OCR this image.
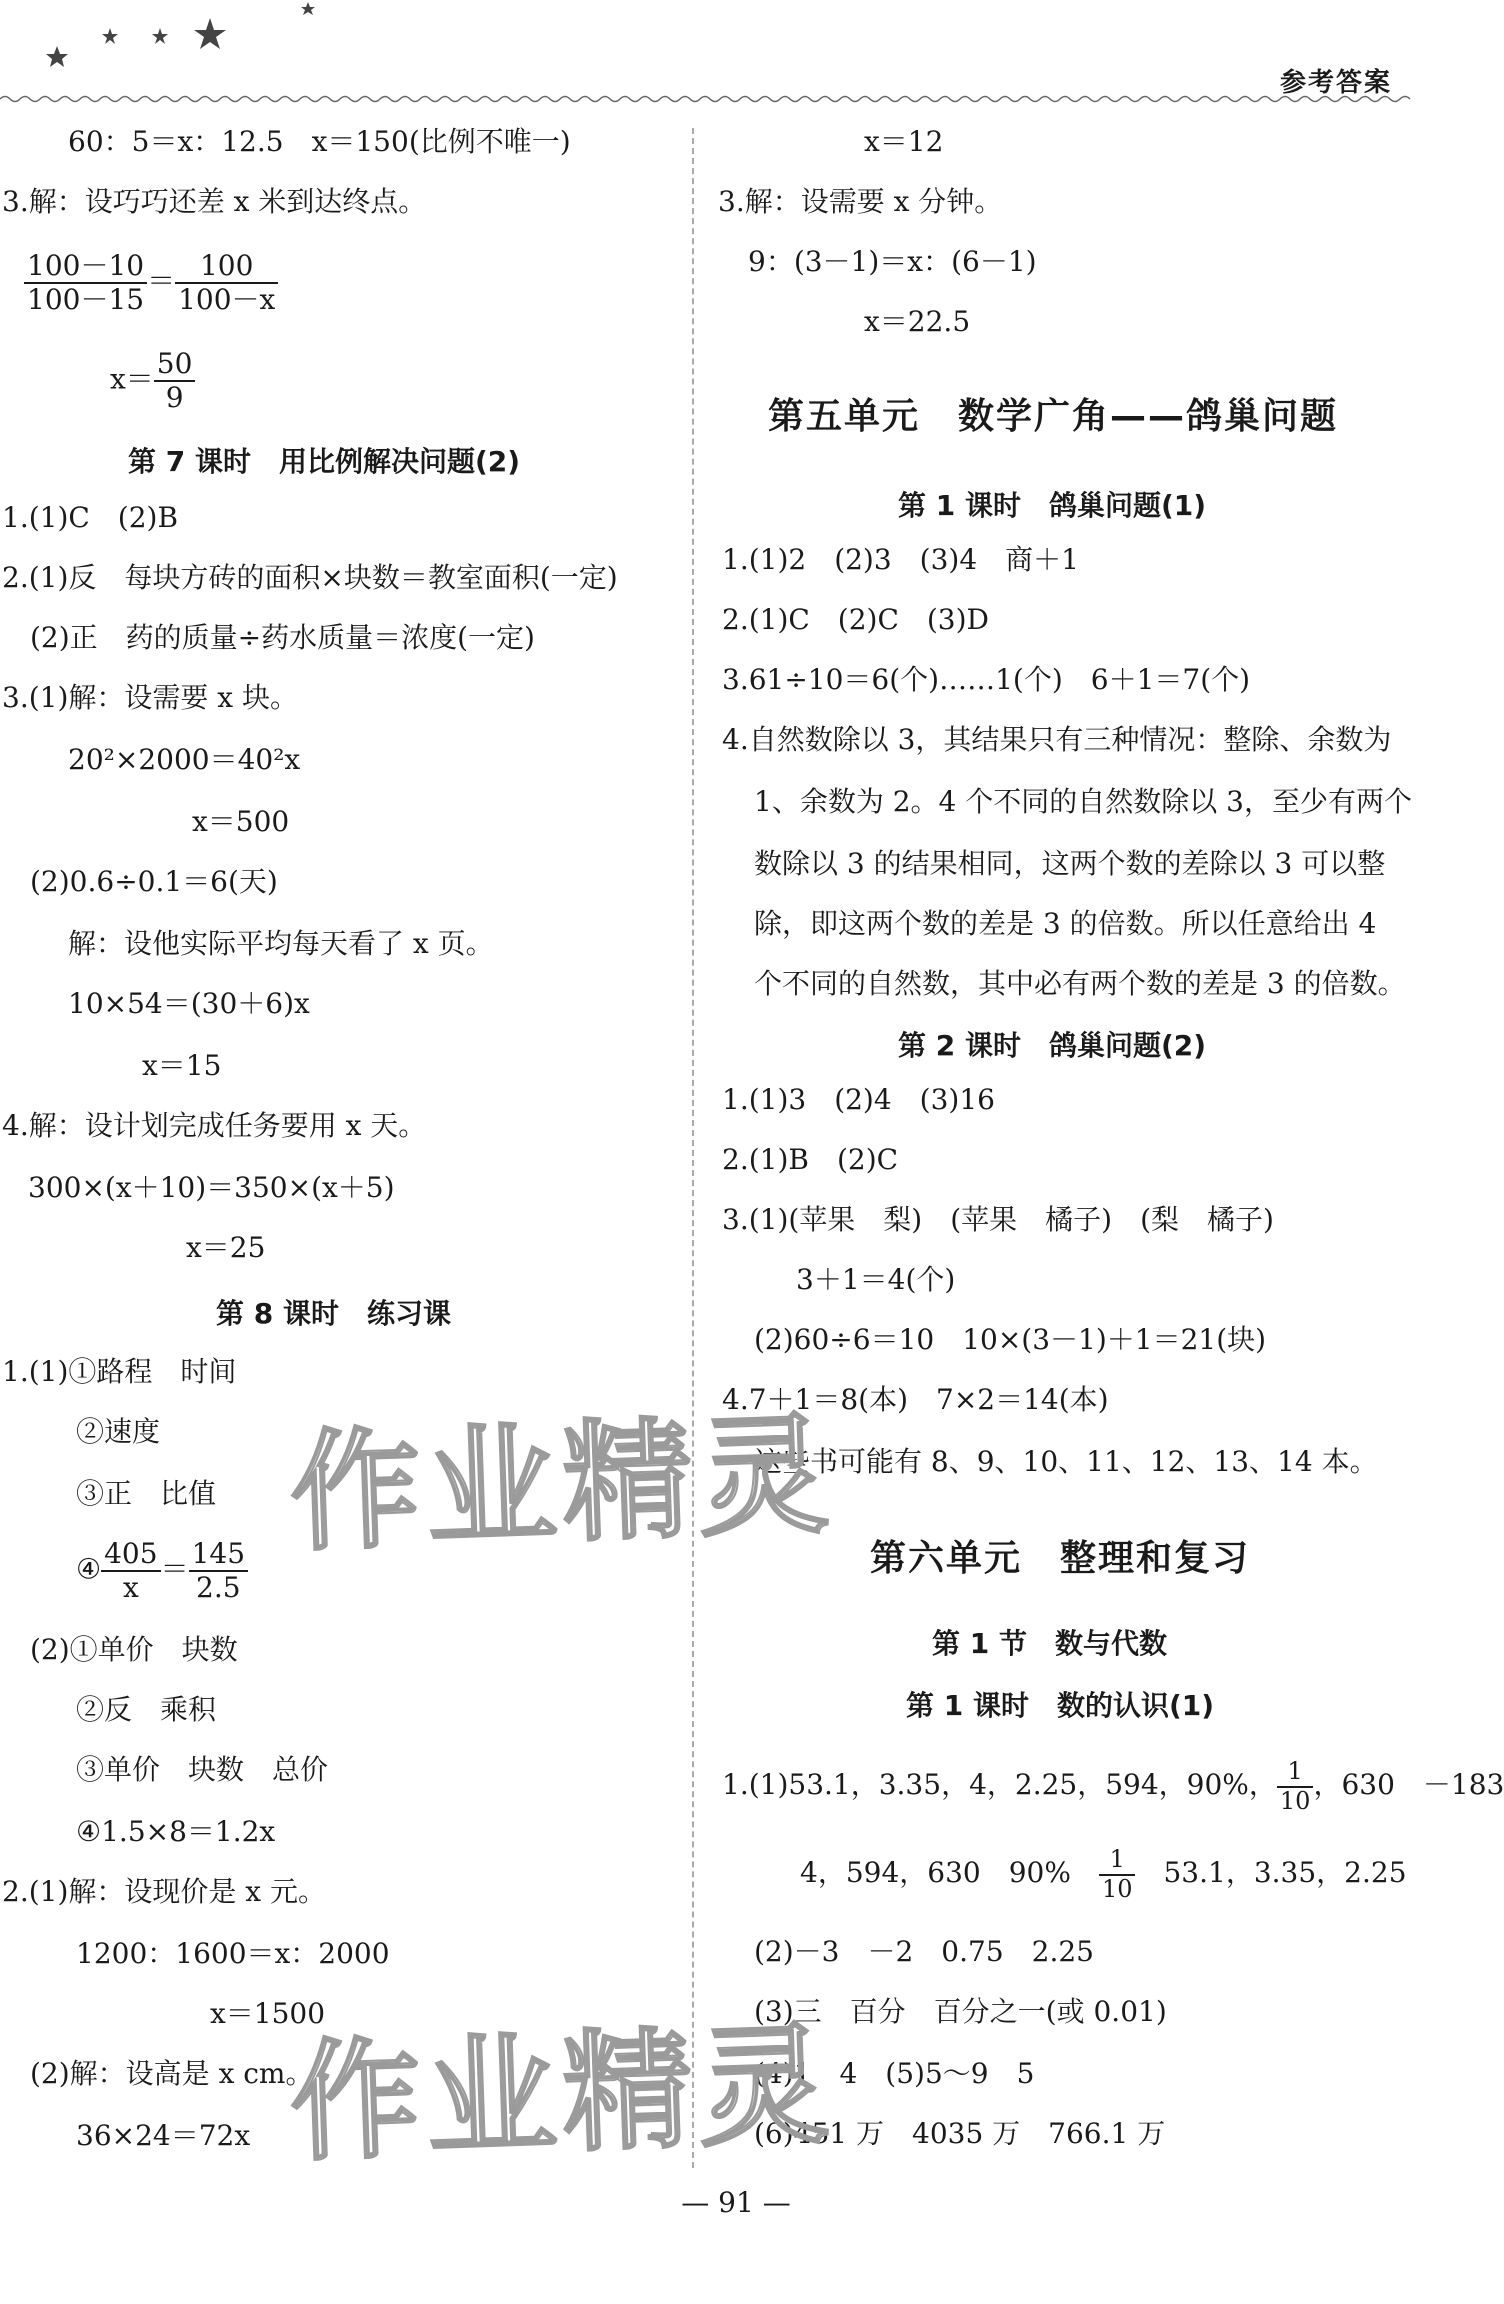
参考答案
60：5＝x：12.5　x＝150(比例不唯一)
3.解：设巧巧还差 x 米到达终点。
$\frac{100-10}{100-15} = \frac{100}{100-x}$
$x= \frac{50}{9}$
第 7 课时　用比例解决问题(2)
1.(1)C　(2)B
2.(1)反　每块方砖的面积×块数＝教室面积(一定)
(2)正　药的质量÷药水质量＝浓度(一定)
3.(1)解：设需要 x 块。
20²×2000＝40²x
x＝500
(2)0.6÷0.1＝6(天)
解：设他实际平均每天看了 x 页。
10×54＝(30＋6)x
x＝15
4.解：设计划完成任务要用 x 天。
300×(x＋10)＝350×(x＋5)
x＝25
第 8 课时　练习课
1.(1)①路程　时间
②速度
③正　比值
④ $\frac{405}{x} = \frac{145}{2.5}$
(2)①单价　块数
②反　乘积
③单价　块数　总价
④1.5×8＝1.2x
2.(1)解：设现价是 x 元。
1200：1600＝x：2000
x＝1500
(2)解：设高是 x cm。
36×24＝72x
x＝12
3.解：设需要 x 分钟。
9：(3－1)＝x：(6－1)
x＝22.5
第五单元　数学广角——鸽巢问题
第 1 课时　鸽巢问题(1)
1.(1)2　(2)3　(3)4　商＋1
2.(1)C　(2)C　(3)D
3.61÷10＝6(个)……1(个)　6＋1＝7(个)
4.自然数除以 3，其结果只有三种情况：整除、余数为
1、余数为 2。4 个不同的自然数除以 3，至少有两个
数除以 3 的结果相同，这两个数的差除以 3 可以整
除，即这两个数的差是 3 的倍数。所以任意给出 4
个不同的自然数，其中必有两个数的差是 3 的倍数。
第 2 课时　鸽巢问题(2)
1.(1)3　(2)4　(3)16
2.(1)B　(2)C
3.(1)(苹果　梨)　(苹果　橘子)　(梨　橘子)
3＋1＝4(个)
(2)60÷6＝10　10×(3－1)＋1＝21(块)
4.7＋1＝8(本)　7×2＝14(本)
这些书可能有 8、9、10、11、12、13、14 本。
第六单元　整理和复习
第 1 节　数与代数
第 1 课时　数的认识(1)
1.(1)53.1，3.35，4，2.25，594，90%， $\frac{1}{10}$ ，630　－183
4，594，630　90%　 $\frac{1}{10}$ 　53.1，3.35，2.25
(2)－3　－2　0.75　2.25
(3)三　百分　百分之一(或 0.01)
(4)1　4　(5)5～9　5
(6)451 万　4035 万　766.1 万
作业精灵
作业精灵
— 91 —
